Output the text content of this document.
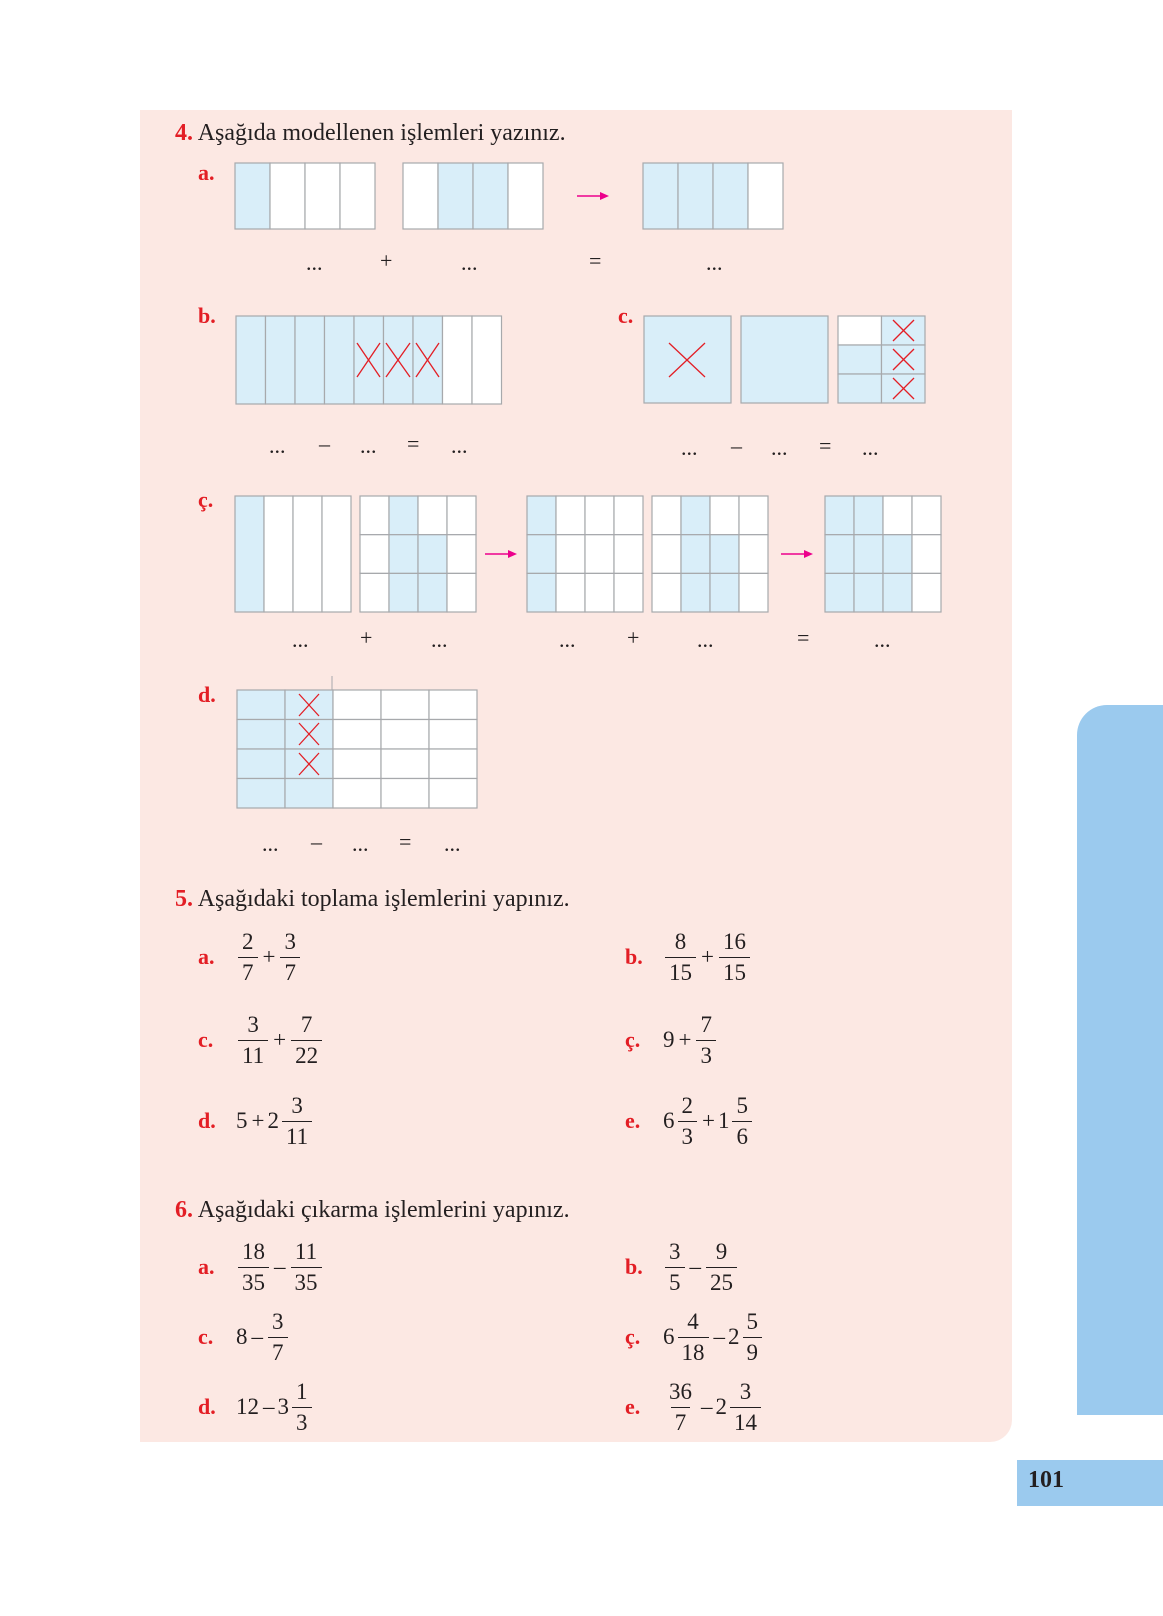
101
4. Aşağıda modellenen işlemleri yazınız.
a.
...	+	...	=	...
b.
... – ... = ...
c.
... – ... = ...
ç.
... +	...	... +	...	=	...
d.
... – ... = ...
5. Aşağıdaki toplama işlemlerini yapınız.
a.	$\frac{2}{7} + \frac{3}{7}$	b. $\frac{8}{15} + \frac{16}{15}$
c.	$\frac{3}{11} + \frac{7}{22}$	ç. $9 + \frac{7}{3}$
d. $5 + 2 \frac{3}{11}$	e. $6 \frac{2}{3} + 1 \frac{5}{6}$
6. Aşağıdaki çıkarma işlemlerini yapınız.
a.	$\frac{18}{35} - \frac{11}{35}$	b. $\frac{3}{5} - \frac{9}{25}$
c. $8 - \frac{3}{7}$	ç. $6 \frac{4}{18} - 2 \frac{5}{9}$
d. $12 - 3 \frac{1}{3}$	e.	$\frac{36}{7} - 2 \frac{3}{14}$
